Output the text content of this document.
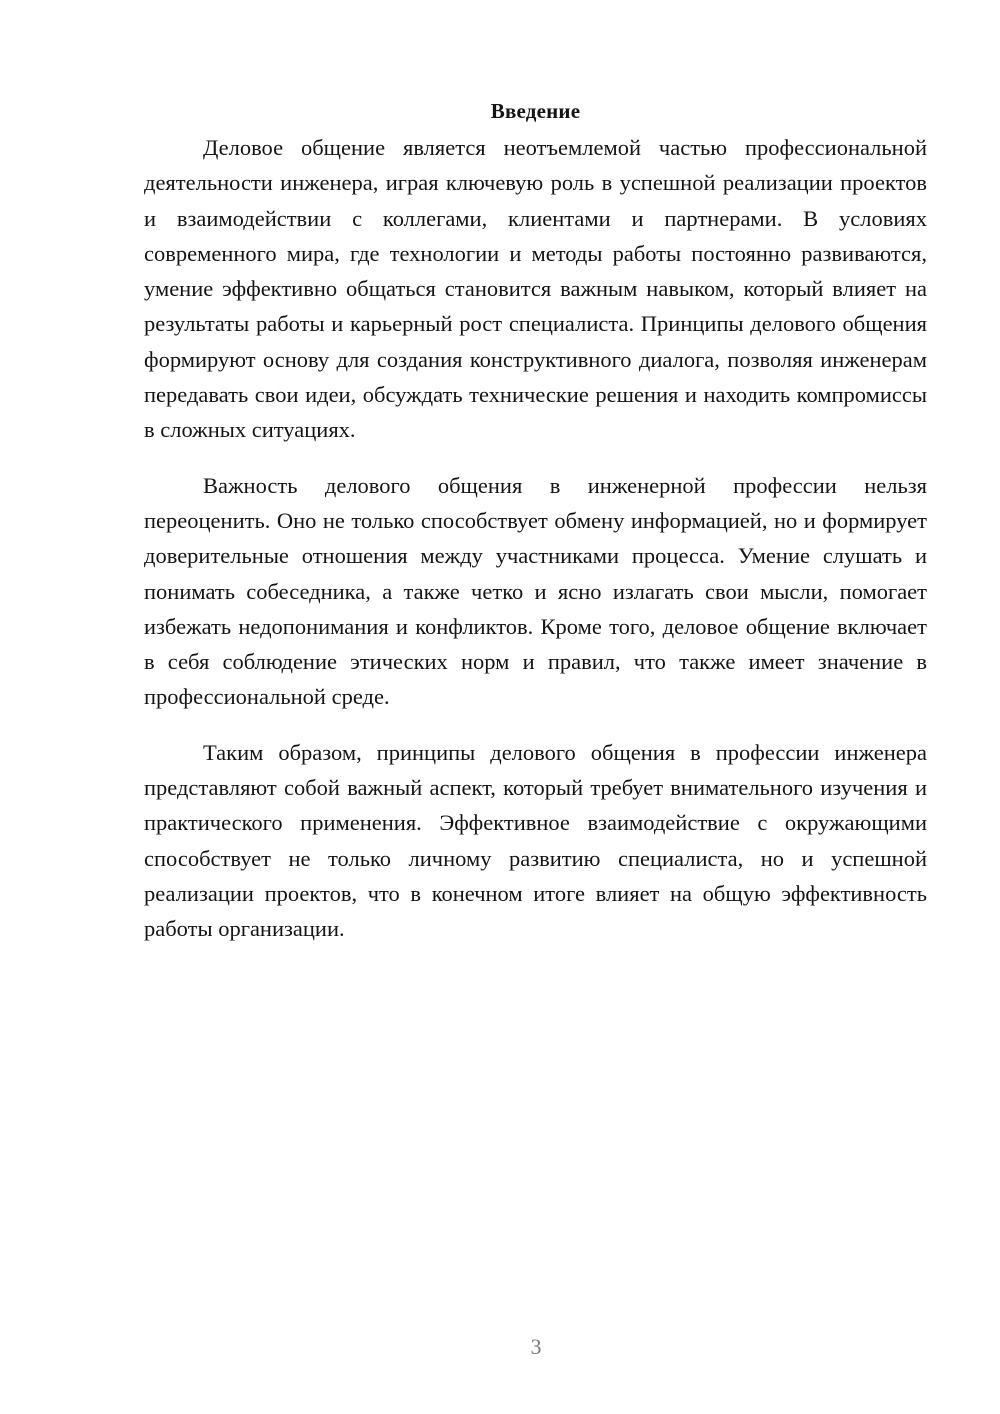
Введение

Деловое общение является неотъемлемой частью профессиональной деятельности инженера, играя ключевую роль в успешной реализации проектов и взаимодействии с коллегами, клиентами и партнерами. В условиях современного мира, где технологии и методы работы постоянно развиваются, умение эффективно общаться становится важным навыком, который влияет на результаты работы и карьерный рост специалиста. Принципы делового общения формируют основу для создания конструктивного диалога, позволяя инженерам передавать свои идеи, обсуждать технические решения и находить компромиссы в сложных ситуациях.

Важность делового общения в инженерной профессии нельзя переоценить. Оно не только способствует обмену информацией, но и формирует доверительные отношения между участниками процесса. Умение слушать и понимать собеседника, а также четко и ясно излагать свои мысли, помогает избежать недопонимания и конфликтов. Кроме того, деловое общение включает в себя соблюдение этических норм и правил, что также имеет значение в профессиональной среде.

Таким образом, принципы делового общения в профессии инженера представляют собой важный аспект, который требует внимательного изучения и практического применения. Эффективное взаимодействие с окружающими способствует не только личному развитию специалиста, но и успешной реализации проектов, что в конечном итоге влияет на общую эффективность работы организации.

3
